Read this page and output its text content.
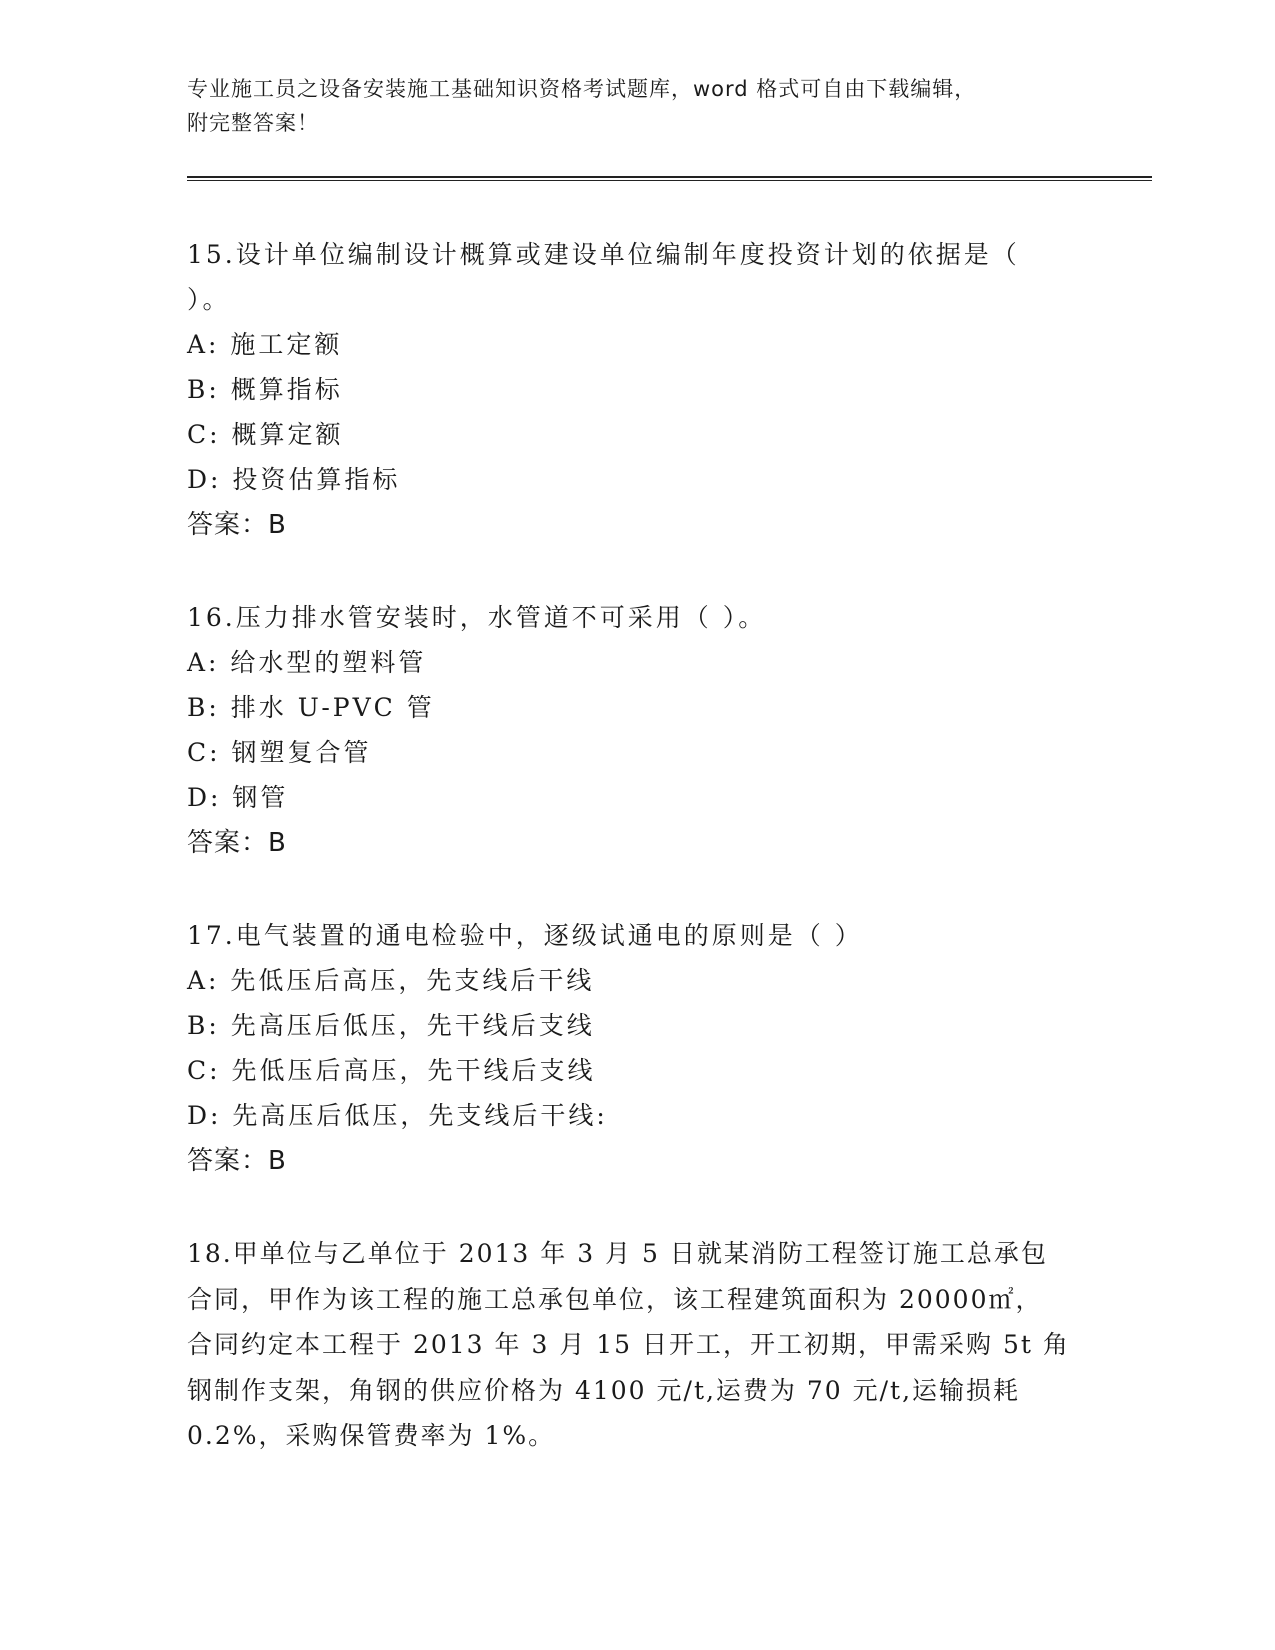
专业施工员之设备安装施工基础知识资格考试题库，word 格式可自由下载编辑，
附完整答案！
15.设计单位编制设计概算或建设单位编制年度投资计划的依据是（
）。
A: 施工定额
B: 概算指标
C: 概算定额
D: 投资估算指标
答案：B
16.压力排水管安装时，水管道不可采用（ ）。
A: 给水型的塑料管
B: 排水 U-PVC 管
C: 钢塑复合管
D: 钢管
答案：B
17.电气装置的通电检验中，逐级试通电的原则是（ ）
A: 先低压后高压，先支线后干线
B: 先高压后低压，先干线后支线
C: 先低压后高压，先干线后支线
D: 先高压后低压，先支线后干线:
答案：B
18.甲单位与乙单位于 2013 年 3 月 5 日就某消防工程签订施工总承包
合同，甲作为该工程的施工总承包单位，该工程建筑面积为 20000㎡，
合同约定本工程于 2013 年 3 月 15 日开工，开工初期，甲需采购 5t 角
钢制作支架，角钢的供应价格为 4100 元/t,运费为 70 元/t,运输损耗
0.2%，采购保管费率为 1%。
